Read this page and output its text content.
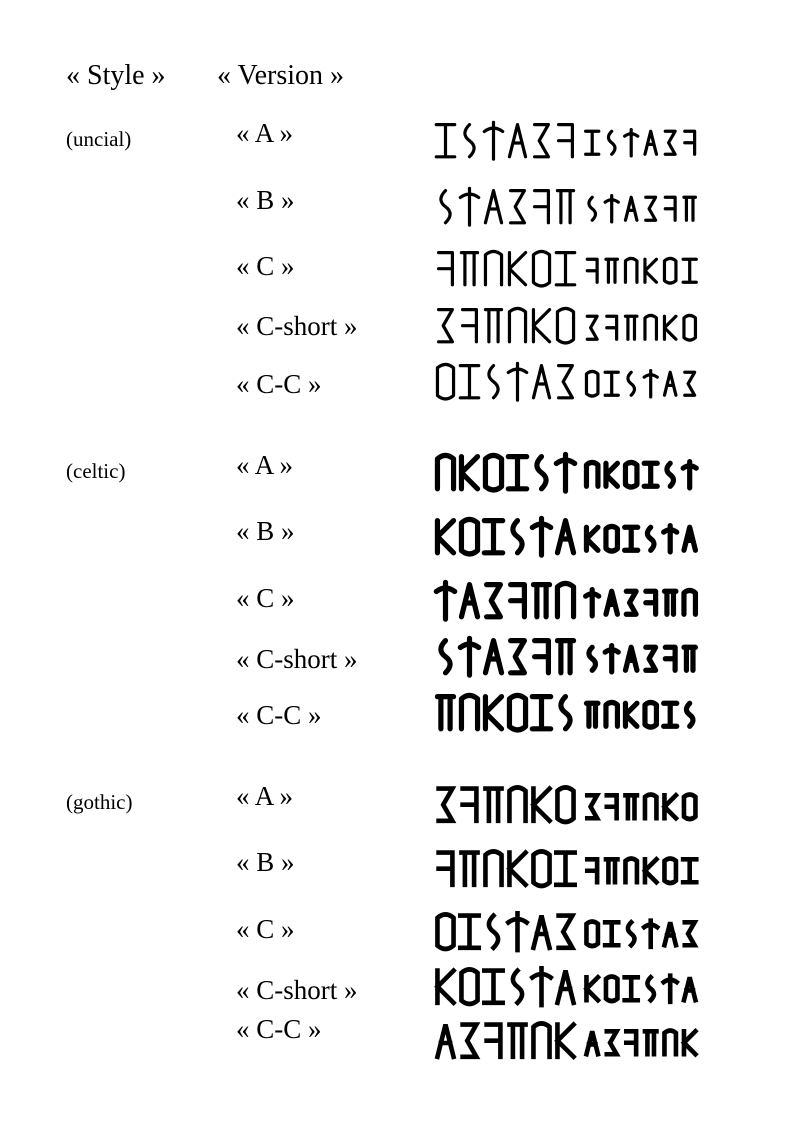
« Style » « Version »
(uncial)
(celtic)
(gothic)
« A »
« B »
« C »
« C-short »
« C-C »
« A »
« B »
« C »
« C-short »
« C-C »
« A »
« B »
« C »
« C-short »
« C-C »
